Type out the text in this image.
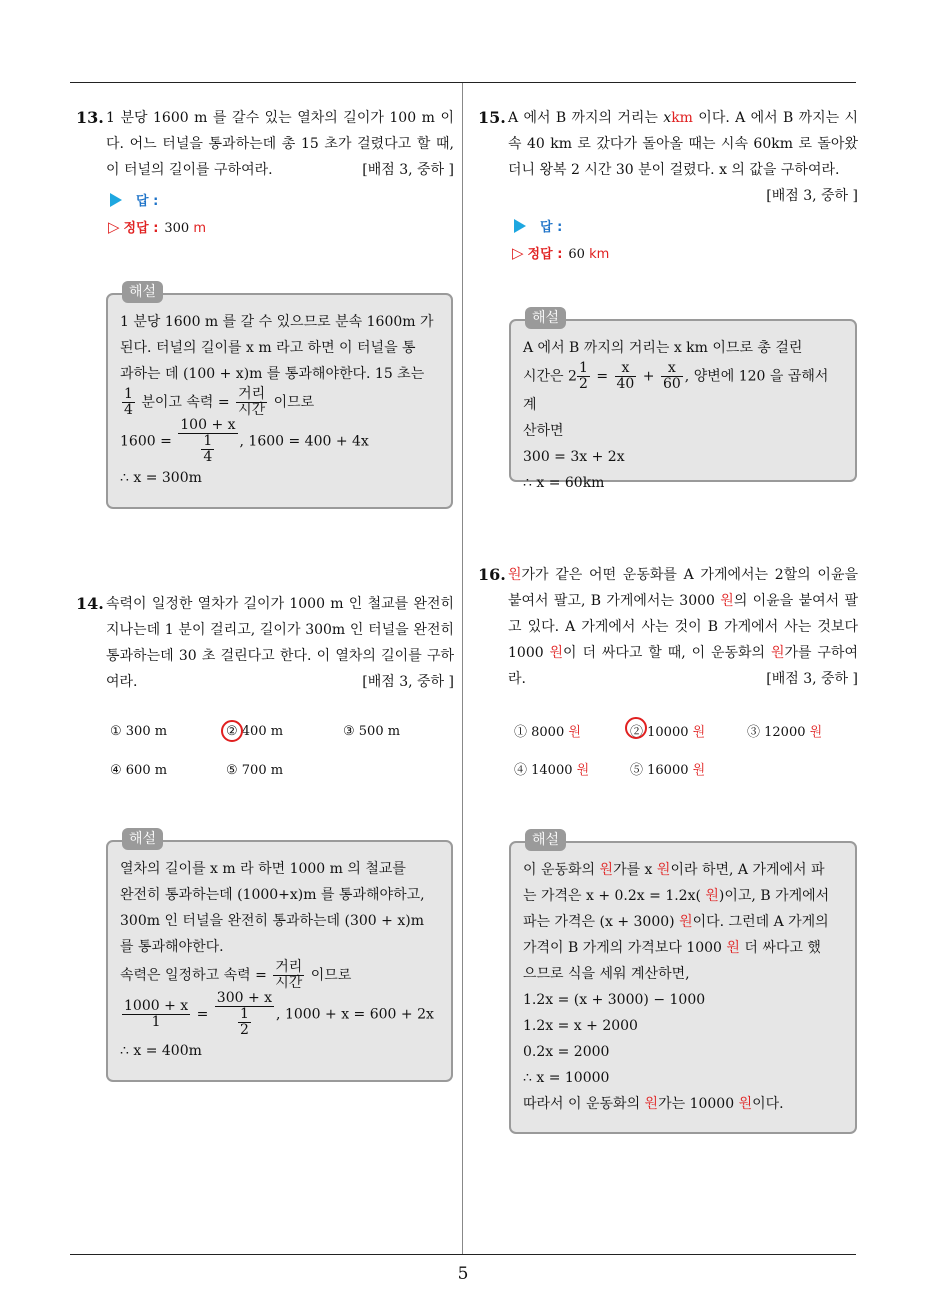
13. 1 분당 1600 m 를 갈수 있는 열차의 길이가 100 m 이다. 어느 터널을 통과하는데 총 15 초가 걸렸다고 할 때, 이 터널의 길이를 구하여라.	[배점 3, 중하 ]
답 :
▷ 정답 : 300 m
해설
1 분당 1600 m 를 갈 수 있으므로 분속 1600m 가
된다. 터널의 길이를 x m 라고 하면 이 터널을 통
과하는 데 (100 + x)m 를 통과해야한다. 15 초는
$\frac{1}{4}$ 분이고 속력 = $\frac{\text{거리}}{\text{시간}}$ 이므로
$1600 = \frac{100 + x}{\frac{1}{4}}$ , 1600 = 400 + 4x
∴ x = 300m
14. 속력이 일정한 열차가 길이가 1000 m 인 철교를 완전히 지나는데 1 분이 걸리고, 길이가 300m 인 터널을 완전히 통과하는데 30 초 걸린다고 한다. 이 열차의 길이를 구하여라.	[배점 3, 중하 ]
① 300 m	② 400 m	③ 500 m
④ 600 m	⑤ 700 m
해설
열차의 길이를 x m 라 하면 1000 m 의 철교를
완전히 통과하는데 (1000+x)m 를 통과해야하고,
300m 인 터널을 완전히 통과하는데 (300 + x)m
를 통과해야한다.
속력은 일정하고 속력 = $\frac{\text{거리}}{\text{시간}}$ 이므로
$\frac{1000 + x}{1} = \frac{300 + x}{\frac{1}{2}}$ , 1000 + x = 600 + 2x
∴ x = 400m
15. A 에서 B 까지의 거리는 xkm 이다. A 에서 B 까지는 시속 40 km 로 갔다가 돌아올 때는 시속 60km 로 돌아왔더니 왕복 2 시간 30 분이 걸렸다. x 의 값을 구하여라.
[배점 3, 중하 ]
답 :
▷ 정답 : 60 km
해설
A 에서 B 까지의 거리는 x km 이므로 총 걸린
시간은 $2 \frac{1}{2} = \frac{x}{40} + \frac{x}{60}$ , 양변에 120 을 곱해서 계
산하면
300 = 3x + 2x
∴ x = 60km
16. 원가가 같은 어떤 운동화를 A 가게에서는 2할의 이윤을 붙여서 팔고, B 가게에서는 3000 원의 이윤을 붙여서 팔고 있다. A 가게에서 사는 것이 B 가게에서 사는 것보다 1000 원이 더 싸다고 할 때, 이 운동화의 원가를 구하여라.	[배점 3, 중하 ]
① 8000 원	② 10000 원	③ 12000 원
④ 14000 원	⑤ 16000 원
해설
이 운동화의 원가를 x 원이라 하면, A 가게에서 파
는 가격은 x + 0.2x = 1.2x( 원)이고, B 가게에서
파는 가격은 (x + 3000) 원이다. 그런데 A 가게의
가격이 B 가게의 가격보다 1000 원 더 싸다고 했
으므로 식을 세워 계산하면,
1.2x = (x + 3000) − 1000
1.2x = x + 2000
0.2x = 2000
∴ x = 10000
따라서 이 운동화의 원가는 10000 원이다.
5
